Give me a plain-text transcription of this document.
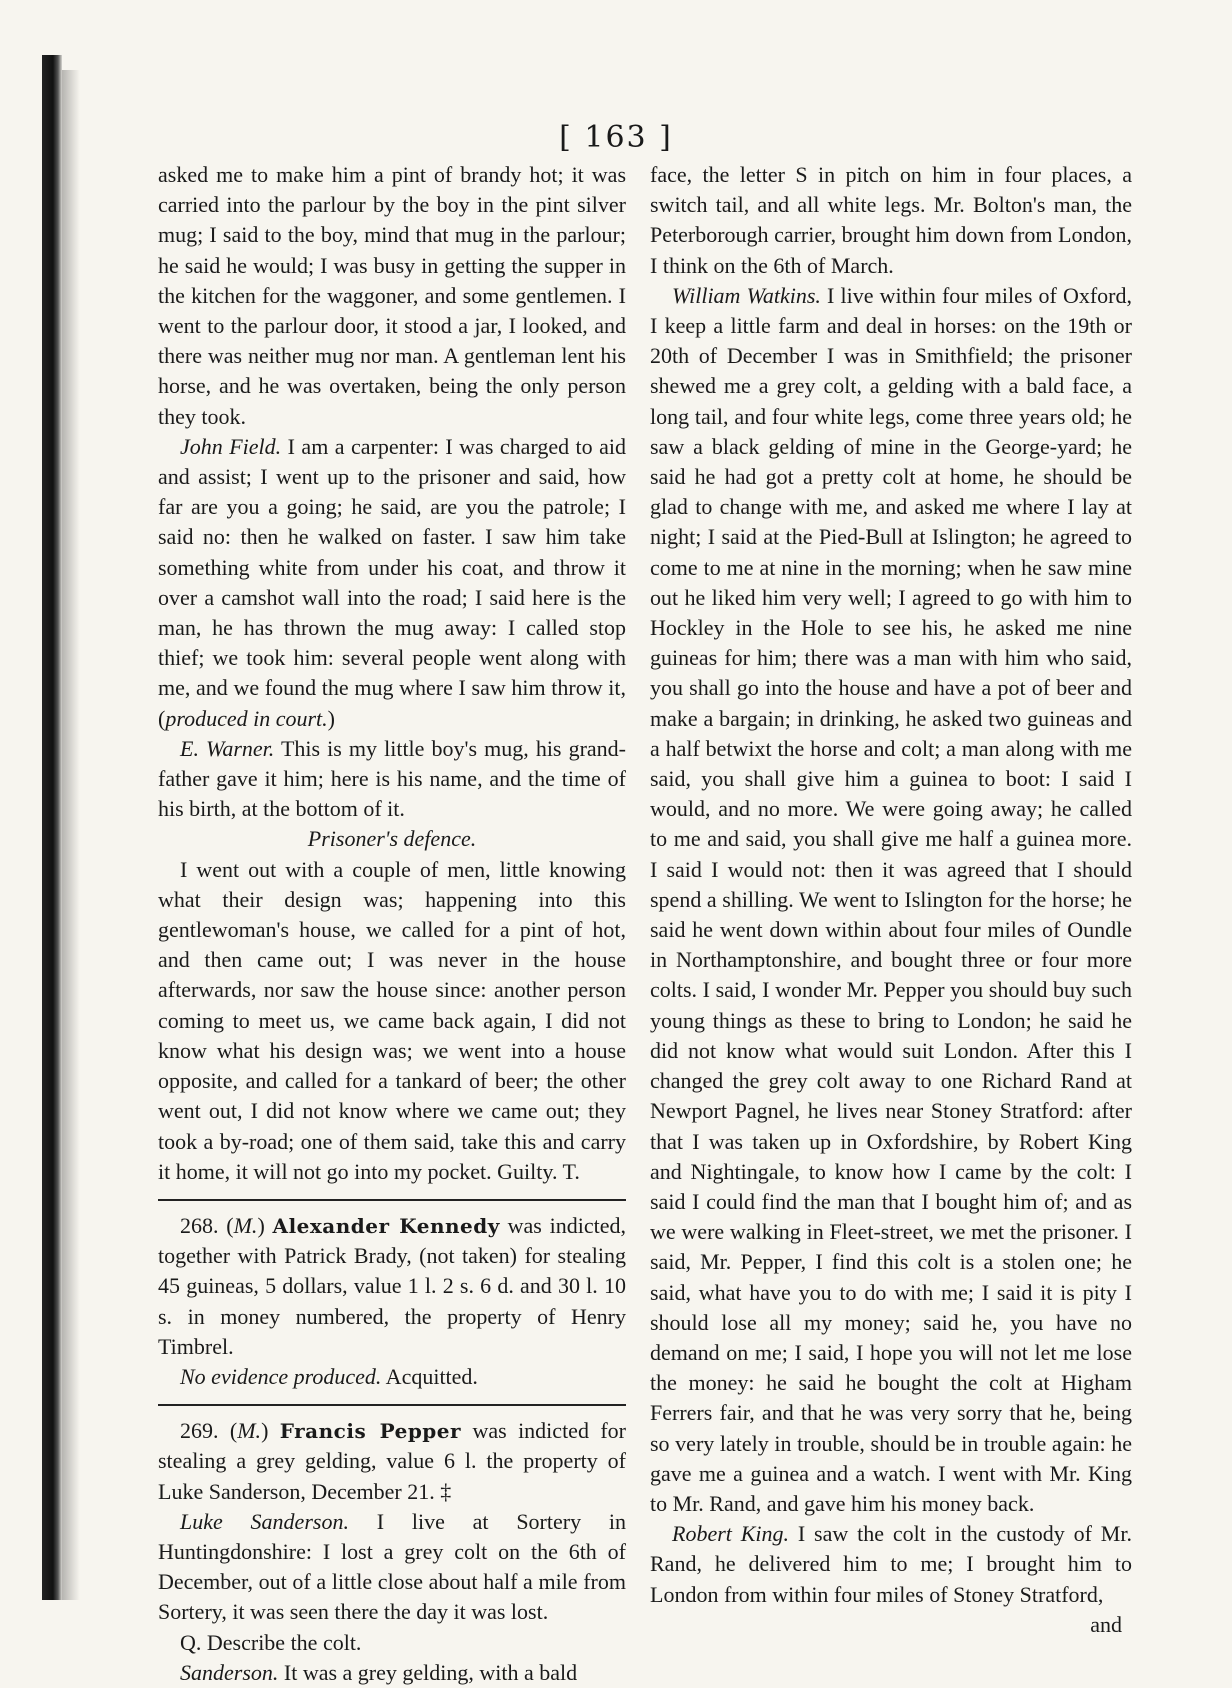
[ 163 ]

asked me to make him a pint of brandy hot; it was carried into the parlour by the boy in the pint silver mug; I said to the boy, mind that mug in the parlour; he said he would; I was busy in getting the supper in the kitchen for the waggoner, and some gentlemen. I went to the parlour door, it stood a jar, I looked, and there was neither mug nor man. A gentleman lent his horse, and he was overtaken, being the only person they took.

John Field. I am a carpenter: I was charged to aid and assist; I went up to the prisoner and said, how far are you a going; he said, are you the patrole; I said no: then he walked on faster. I saw him take something white from under his coat, and throw it over a camshot wall into the road; I said here is the man, he has thrown the mug away: I called stop thief; we took him: several people went along with me, and we found the mug where I saw him throw it, (produced in court.)

E. Warner. This is my little boy's mug, his grand-father gave it him; here is his name, and the time of his birth, at the bottom of it.

Prisoner's defence.

I went out with a couple of men, little knowing what their design was; happening into this gentlewoman's house, we called for a pint of hot, and then came out; I was never in the house afterwards, nor saw the house since: another person coming to meet us, we came back again, I did not know what his design was; we went into a house opposite, and called for a tankard of beer; the other went out, I did not know where we came out; they took a by-road; one of them said, take this and carry it home, it will not go into my pocket. Guilty. T.

268. (M.) Alexander Kennedy was indicted, together with Patrick Brady, (not taken) for stealing 45 guineas, 5 dollars, value 1 l. 2 s. 6 d. and 30 l. 10 s. in money numbered, the property of Henry Timbrel.

No evidence produced. Acquitted.

269. (M.) Francis Pepper was indicted for stealing a grey gelding, value 6 l. the property of Luke Sanderson, December 21. ‡

Luke Sanderson. I live at Sortery in Huntingdonshire: I lost a grey colt on the 6th of December, out of a little close about half a mile from Sortery, it was seen there the day it was lost.

Q. Describe the colt.

Sanderson. It was a grey gelding, with a bald

face, the letter S in pitch on him in four places, a switch tail, and all white legs. Mr. Bolton's man, the Peterborough carrier, brought him down from London, I think on the 6th of March.

William Watkins. I live within four miles of Oxford, I keep a little farm and deal in horses: on the 19th or 20th of December I was in Smithfield; the prisoner shewed me a grey colt, a gelding with a bald face, a long tail, and four white legs, come three years old; he saw a black gelding of mine in the George-yard; he said he had got a pretty colt at home, he should be glad to change with me, and asked me where I lay at night; I said at the Pied-Bull at Islington; he agreed to come to me at nine in the morning; when he saw mine out he liked him very well; I agreed to go with him to Hockley in the Hole to see his, he asked me nine guineas for him; there was a man with him who said, you shall go into the house and have a pot of beer and make a bargain; in drinking, he asked two guineas and a half betwixt the horse and colt; a man along with me said, you shall give him a guinea to boot: I said I would, and no more. We were going away; he called to me and said, you shall give me half a guinea more. I said I would not: then it was agreed that I should spend a shilling. We went to Islington for the horse; he said he went down within about four miles of Oundle in Northamptonshire, and bought three or four more colts. I said, I wonder Mr. Pepper you should buy such young things as these to bring to London; he said he did not know what would suit London. After this I changed the grey colt away to one Richard Rand at Newport Pagnel, he lives near Stoney Stratford: after that I was taken up in Oxfordshire, by Robert King and Nightingale, to know how I came by the colt: I said I could find the man that I bought him of; and as we were walking in Fleet-street, we met the prisoner. I said, Mr. Pepper, I find this colt is a stolen one; he said, what have you to do with me; I said it is pity I should lose all my money; said he, you have no demand on me; I said, I hope you will not let me lose the money: he said he bought the colt at Higham Ferrers fair, and that he was very sorry that he, being so very lately in trouble, should be in trouble again: he gave me a guinea and a watch. I went with Mr. King to Mr. Rand, and gave him his money back.

Robert King. I saw the colt in the custody of Mr. Rand, he delivered him to me; I brought him to London from within four miles of Stoney Stratford,

and
